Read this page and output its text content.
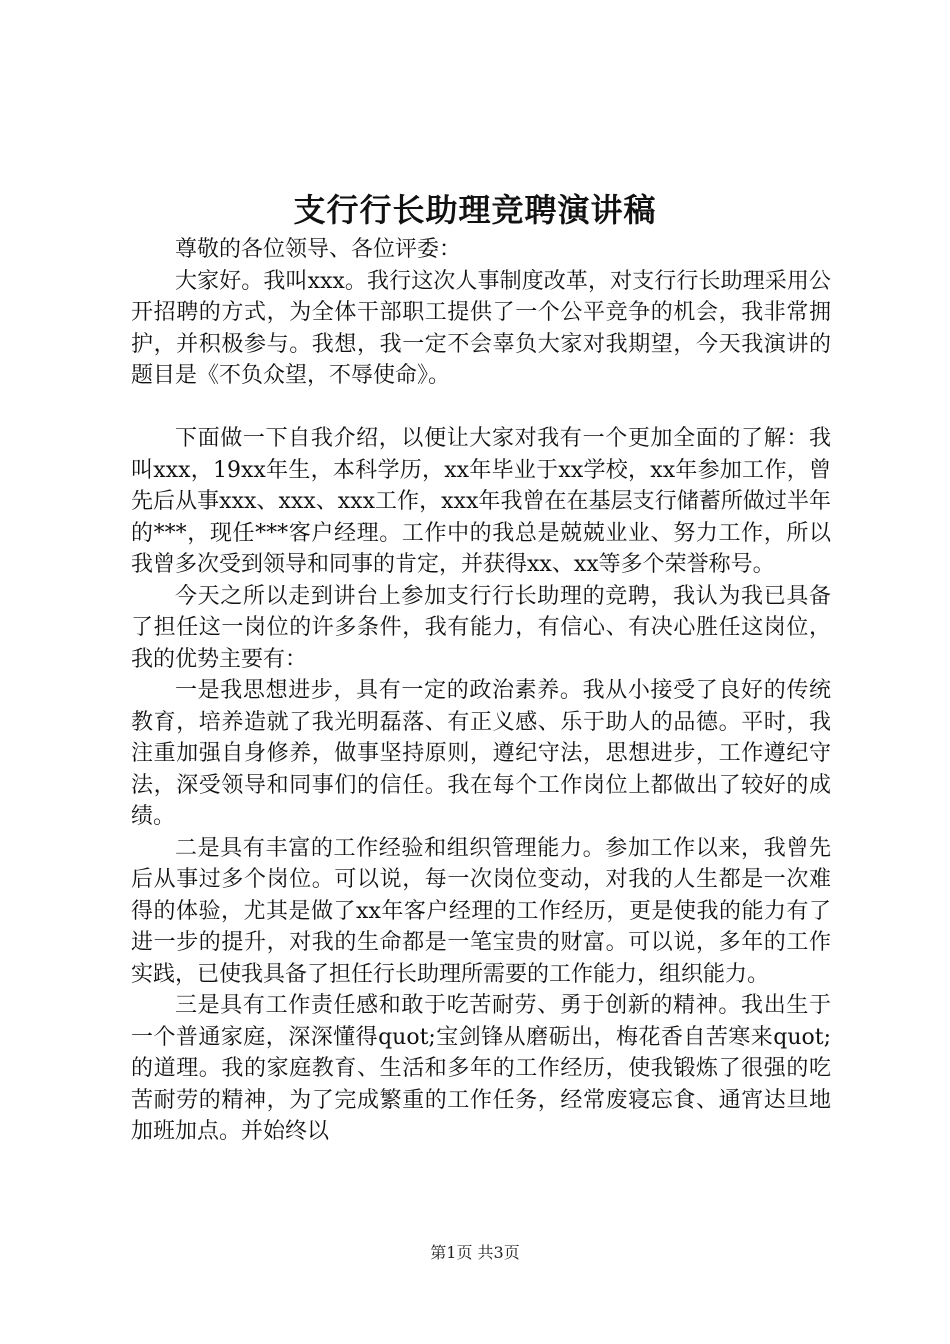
支行行长助理竞聘演讲稿

尊敬的各位领导、各位评委：

大家好。我叫xxx。我行这次人事制度改革，对支行行长助理采用公开招聘的方式，为全体干部职工提供了一个公平竞争的机会，我非常拥护，并积极参与。我想，我一定不会辜负大家对我期望，今天我演讲的题目是《不负众望，不辱使命》。

下面做一下自我介绍，以便让大家对我有一个更加全面的了解：我叫xxx，19xx年生，本科学历，xx年毕业于xx学校，xx年参加工作，曾先后从事xxx、xxx、xxx工作，xxx年我曾在在基层支行储蓄所做过半年的***，现任***客户经理。工作中的我总是兢兢业业、努力工作，所以我曾多次受到领导和同事的肯定，并获得xx、xx等多个荣誉称号。

今天之所以走到讲台上参加支行行长助理的竞聘，我认为我已具备了担任这一岗位的许多条件，我有能力，有信心、有决心胜任这岗位，我的优势主要有：

一是我思想进步，具有一定的政治素养。我从小接受了良好的传统教育，培养造就了我光明磊落、有正义感、乐于助人的品德。平时，我注重加强自身修养，做事坚持原则，遵纪守法，思想进步，工作遵纪守法，深受领导和同事们的信任。我在每个工作岗位上都做出了较好的成绩。

二是具有丰富的工作经验和组织管理能力。参加工作以来，我曾先后从事过多个岗位。可以说，每一次岗位变动，对我的人生都是一次难得的体验，尤其是做了xx年客户经理的工作经历，更是使我的能力有了进一步的提升，对我的生命都是一笔宝贵的财富。可以说，多年的工作实践，已使我具备了担任行长助理所需要的工作能力，组织能力。

三是具有工作责任感和敢于吃苦耐劳、勇于创新的精神。我出生于一个普通家庭，深深懂得quot;宝剑锋从磨砺出，梅花香自苦寒来quot;的道理。我的家庭教育、生活和多年的工作经历，使我锻炼了很强的吃苦耐劳的精神，为了完成繁重的工作任务，经常废寝忘食、通宵达旦地加班加点。并始终以

第1页 共3页
